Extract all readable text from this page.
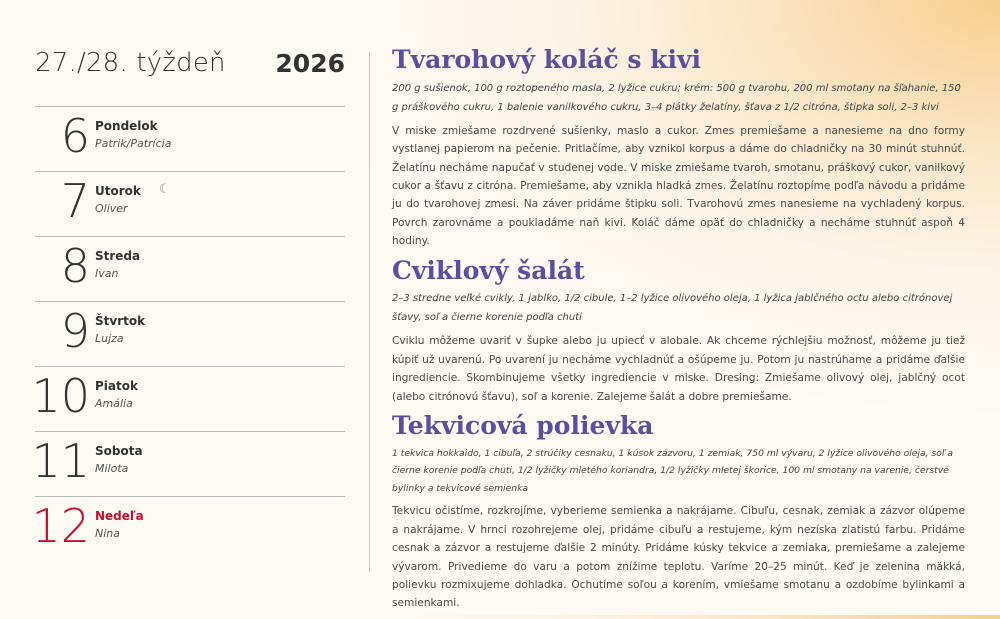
27./28. týždeň 2026
6 Pondelok
Patrik/Patrícia
7 Utorok ☾
Oliver
8 Streda
Ivan
9 Štvrtok
Lujza
10 Piatok
Amália
11 Sobota
Milota
12 Nedeľa
Nina
Tvarohový koláč s kivi

200 g sušienok, 100 g roztopeného masla, 2 lyžice cukru; krém: 500 g tvarohu, 200 ml smotany na šľahanie, 150 g práškového cukru, 1 balenie vanilkového cukru, 3–4 plátky želatíny, šťava z 1/2 citróna, štipka soli, 2–3 kivi

V miske zmiešame rozdrvené sušienky, maslo a cukor. Zmes premiešame a nanesieme na dno formy vystlanej papierom na pečenie. Pritlačíme, aby vznikol korpus a dáme do chladničky na 30 minút stuhnúť. Želatínu necháme napučať v studenej vode. V miske zmiešame tvaroh, smotanu, práškový cukor, vanilkový cukor a šťavu z citróna. Premiešame, aby vznikla hladká zmes. Želatínu roztopíme podľa návodu a pridáme ju do tvarohovej zmesi. Na záver pridáme štipku soli. Tvarohovú zmes nanesieme na vychladený korpus. Povrch zarovnáme a poukladáme naň kivi. Koláč dáme opäť do chladničky a necháme stuhnúť aspoň 4 hodiny.

Cviklový šalát

2–3 stredne veľké cvikly, 1 jablko, 1/2 cibule, 1–2 lyžice olivového oleja, 1 lyžica jablčného octu alebo citrónovej šťavy, soľ a čierne korenie podľa chuti

Cviklu môžeme uvariť v šupke alebo ju upiecť v alobale. Ak chceme rýchlejšiu možnosť, môžeme ju tiež kúpiť už uvarenú. Po uvarení ju necháme vychladnúť a ošúpeme ju. Potom ju nastrúhame a pridáme ďalšie ingrediencie. Skombinujeme všetky ingrediencie v miske. Dresing: Zmiešame olivový olej, jablčný ocot (alebo citrónovú šťavu), soľ a korenie. Zalejeme šalát a dobre premiešame.

Tekvicová polievka

1 tekvica hokkaido, 1 cibuľa, 2 strúčiky cesnaku, 1 kúsok zázvoru, 1 zemiak, 750 ml vývaru, 2 lyžice olivového oleja, soľ a čierne korenie podľa chuti, 1/2 lyžičky mletého koriandra, 1/2 lyžičky mletej škorice, 100 ml smotany na varenie, čerstvé bylinky a tekvicové semienka

Tekvicu očistíme, rozkrojíme, vyberieme semienka a nakrájame. Cibuľu, cesnak, zemiak a zázvor olúpeme a nakrájame. V hrnci rozohrejeme olej, pridáme cibuľu a restujeme, kým nezíska zlatistú farbu. Pridáme cesnak a zázvor a restujeme ďalšie 2 minúty. Pridáme kúsky tekvice a zemiaka, premiešame a zalejeme vývarom. Privedieme do varu a potom znížime teplotu. Varíme 20–25 minút. Keď je zelenina mäkká, polievku rozmixujeme dohladka. Ochutíme soľou a korením, vmiešame smotanu a ozdobíme bylinkami a semienkami.
